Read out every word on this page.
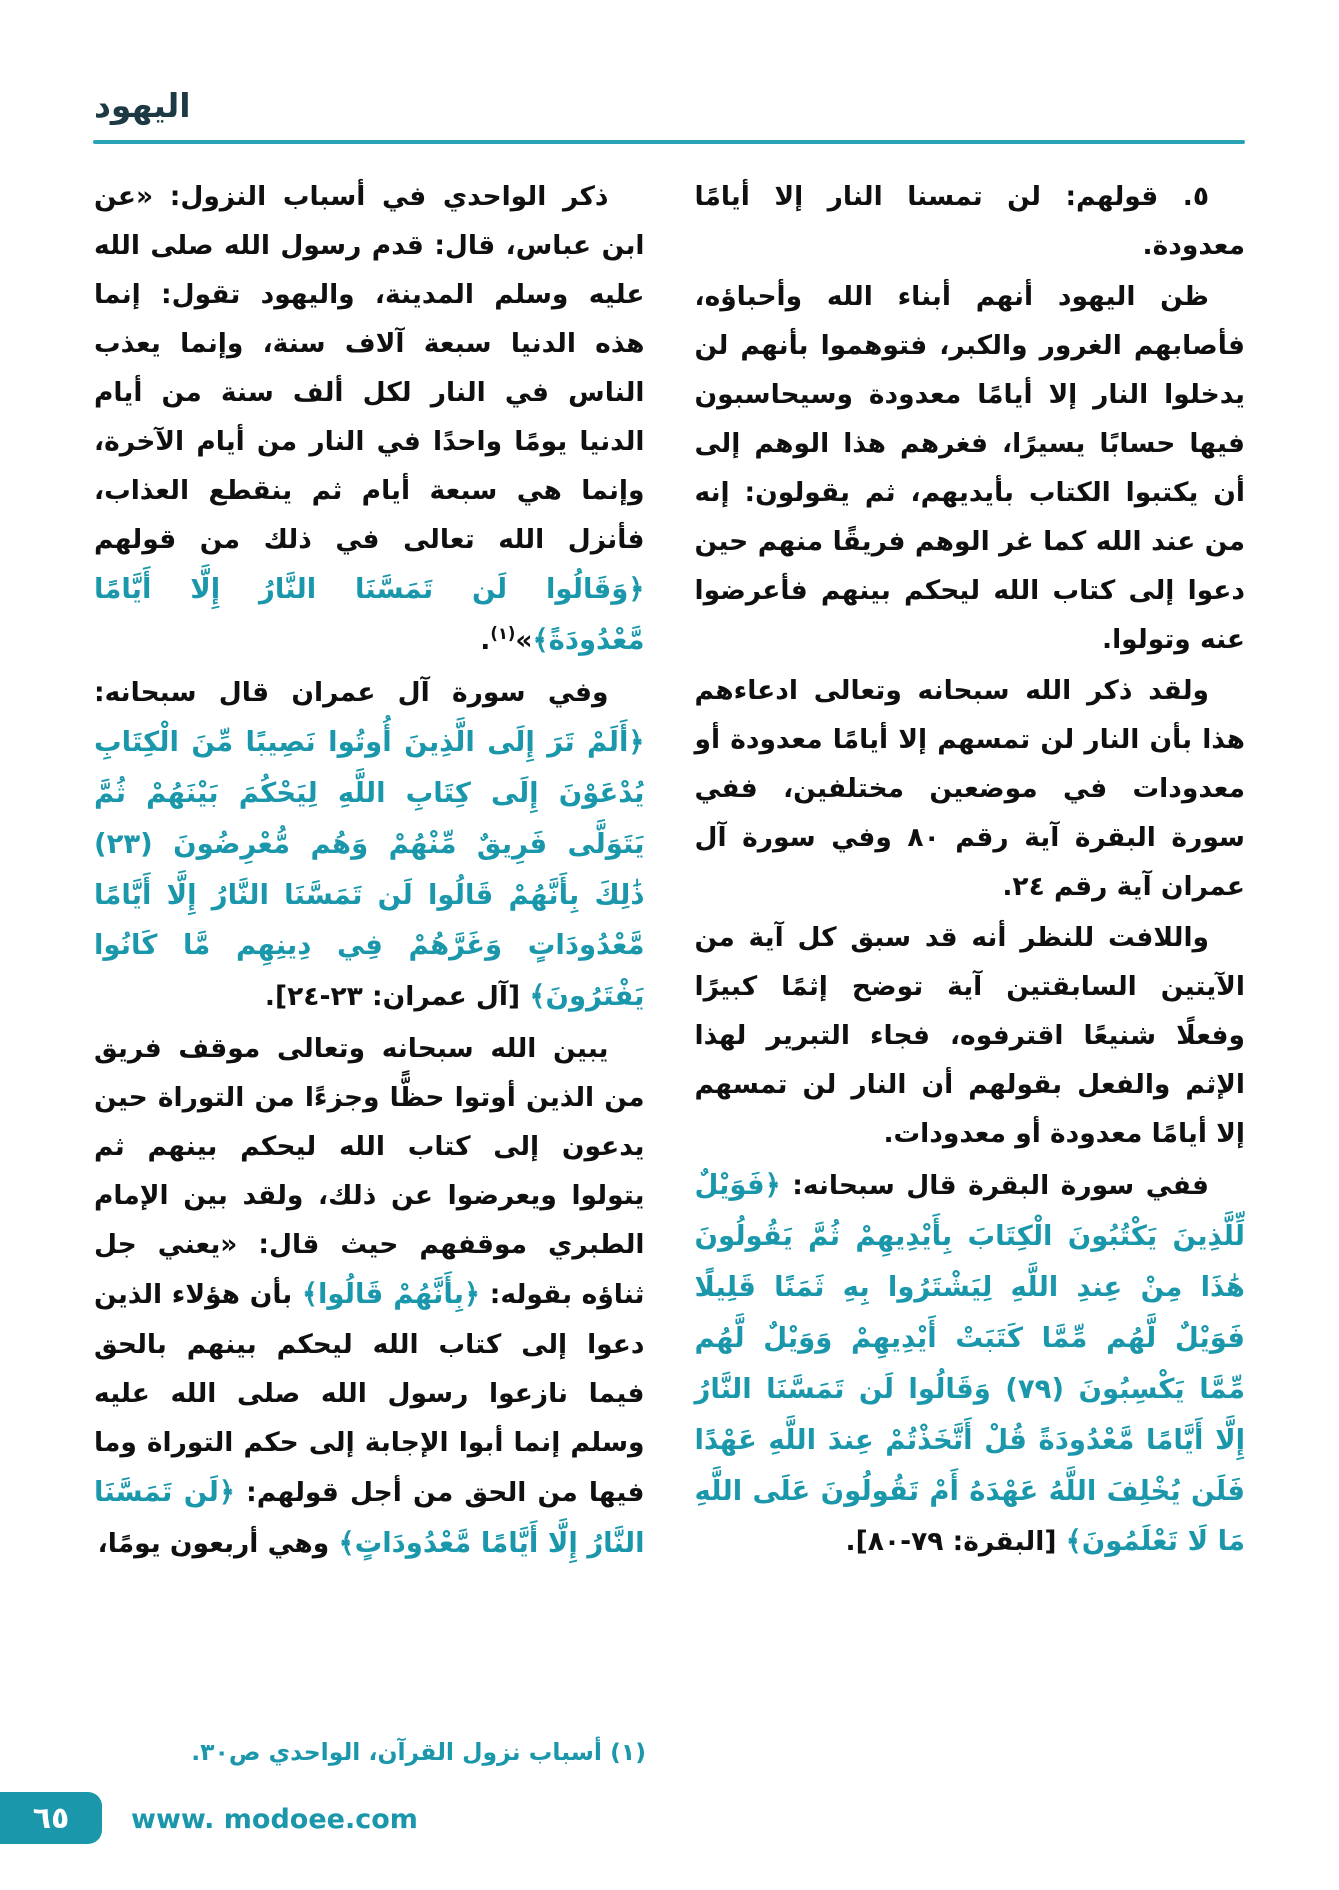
اليهود

٥. قولهم: لن تمسنا النار إلا أيامًا معدودة.

ظن اليهود أنهم أبناء الله وأحباؤه، فأصابهم الغرور والكبر، فتوهموا بأنهم لن يدخلوا النار إلا أيامًا معدودة وسيحاسبون فيها حسابًا يسيرًا، فغرهم هذا الوهم إلى أن يكتبوا الكتاب بأيديهم، ثم يقولون: إنه من عند الله كما غر الوهم فريقًا منهم حين دعوا إلى كتاب الله ليحكم بينهم فأعرضوا عنه وتولوا.

ولقد ذكر الله سبحانه وتعالى ادعاءهم هذا بأن النار لن تمسهم إلا أيامًا معدودة أو معدودات في موضعين مختلفين، ففي سورة البقرة آية رقم ٨٠ وفي سورة آل عمران آية رقم ٢٤.

واللافت للنظر أنه قد سبق كل آية من الآيتين السابقتين آية توضح إثمًا كبيرًا وفعلًا شنيعًا اقترفوه، فجاء التبرير لهذا الإثم والفعل بقولهم أن النار لن تمسهم إلا أيامًا معدودة أو معدودات.

ففي سورة البقرة قال سبحانه: ﴿فَوَيْلٌ لِّلَّذِينَ يَكْتُبُونَ الْكِتَابَ بِأَيْدِيهِمْ ثُمَّ يَقُولُونَ هَٰذَا مِنْ عِندِ اللَّهِ لِيَشْتَرُوا بِهِ ثَمَنًا قَلِيلًا فَوَيْلٌ لَّهُم مِّمَّا كَتَبَتْ أَيْدِيهِمْ وَوَيْلٌ لَّهُم مِّمَّا يَكْسِبُونَ (٧٩) وَقَالُوا لَن تَمَسَّنَا النَّارُ إِلَّا أَيَّامًا مَّعْدُودَةً قُلْ أَتَّخَذْتُمْ عِندَ اللَّهِ عَهْدًا فَلَن يُخْلِفَ اللَّهُ عَهْدَهُ أَمْ تَقُولُونَ عَلَى اللَّهِ مَا لَا تَعْلَمُونَ﴾ [البقرة: ٧٩-٨٠].

ذكر الواحدي في أسباب النزول: «عن ابن عباس، قال: قدم رسول الله صلى الله عليه وسلم المدينة، واليهود تقول: إنما هذه الدنيا سبعة آلاف سنة، وإنما يعذب الناس في النار لكل ألف سنة من أيام الدنيا يومًا واحدًا في النار من أيام الآخرة، وإنما هي سبعة أيام ثم ينقطع العذاب، فأنزل الله تعالى في ذلك من قولهم ﴿وَقَالُوا لَن تَمَسَّنَا النَّارُ إِلَّا أَيَّامًا مَّعْدُودَةً﴾»$^{(١)}$.

وفي سورة آل عمران قال سبحانه: ﴿أَلَمْ تَرَ إِلَى الَّذِينَ أُوتُوا نَصِيبًا مِّنَ الْكِتَابِ يُدْعَوْنَ إِلَى كِتَابِ اللَّهِ لِيَحْكُمَ بَيْنَهُمْ ثُمَّ يَتَوَلَّى فَرِيقٌ مِّنْهُمْ وَهُم مُّعْرِضُونَ (٢٣) ذَٰلِكَ بِأَنَّهُمْ قَالُوا لَن تَمَسَّنَا النَّارُ إِلَّا أَيَّامًا مَّعْدُودَاتٍ وَغَرَّهُمْ فِي دِينِهِم مَّا كَانُوا يَفْتَرُونَ﴾ [آل عمران: ٢٣-٢٤].

يبين الله سبحانه وتعالى موقف فريق من الذين أوتوا حظًّا وجزءًا من التوراة حين يدعون إلى كتاب الله ليحكم بينهم ثم يتولوا ويعرضوا عن ذلك، ولقد بين الإمام الطبري موقفهم حيث قال: «يعني جل ثناؤه بقوله: ﴿بِأَنَّهُمْ قَالُوا﴾ بأن هؤلاء الذين دعوا إلى كتاب الله ليحكم بينهم بالحق فيما نازعوا رسول الله صلى الله عليه وسلم إنما أبوا الإجابة إلى حكم التوراة وما فيها من الحق من أجل قولهم: ﴿لَن تَمَسَّنَا النَّارُ إِلَّا أَيَّامًا مَّعْدُودَاتٍ﴾ وهي أربعون يومًا،

(١) أسباب نزول القرآن، الواحدي ص٣٠.
٦٥	www. modoee.com
